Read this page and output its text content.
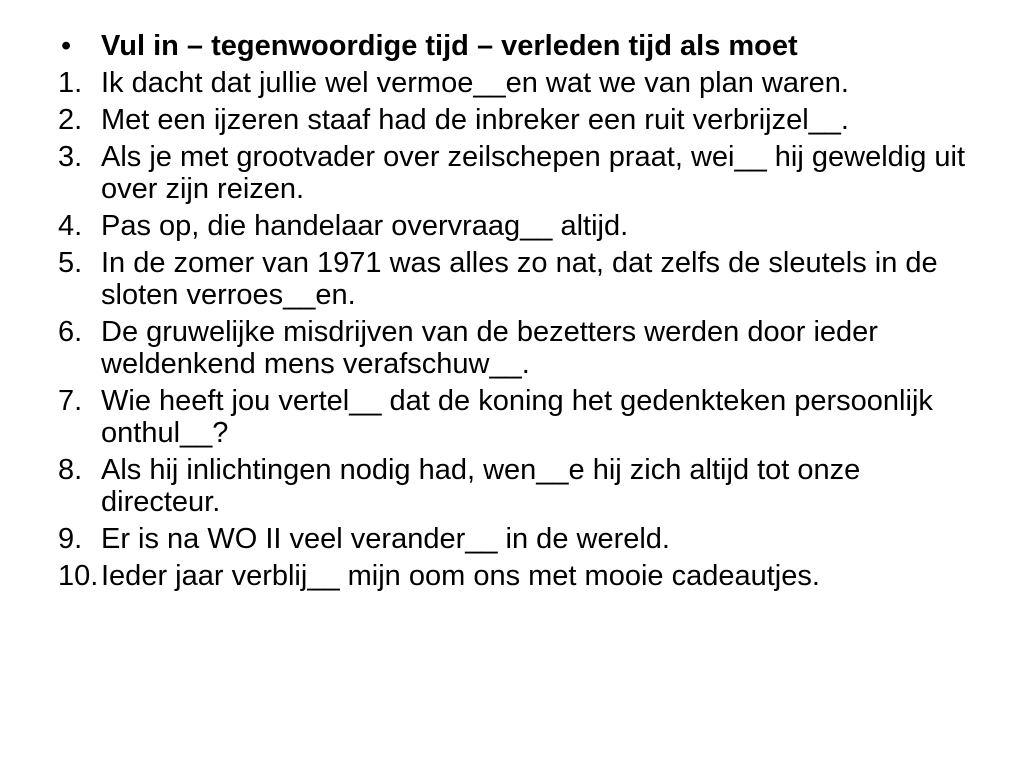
•	Vul in – tegenwoordige tijd – verleden tijd als moet
1. Ik dacht dat jullie wel vermoe__en wat we van plan waren.
2. Met een ijzeren staaf had de inbreker een ruit verbrijzel__.
3. Als je met grootvader over zeilschepen praat, wei__ hij geweldig uit over zijn reizen.
4. Pas op, die handelaar overvraag__ altijd.
5. In de zomer van 1971 was alles zo nat, dat zelfs de sleutels in de sloten verroes__en.
6. De gruwelijke misdrijven van de bezetters werden door ieder weldenkend mens verafschuw__.
7. Wie heeft jou vertel__ dat de koning het gedenkteken persoonlijk onthul__?
8. Als hij inlichtingen nodig had, wen__e hij zich altijd tot onze directeur.
9. Er is na WO II veel verander__ in de wereld.
10. Ieder jaar verblij__ mijn oom ons met mooie cadeautjes.
